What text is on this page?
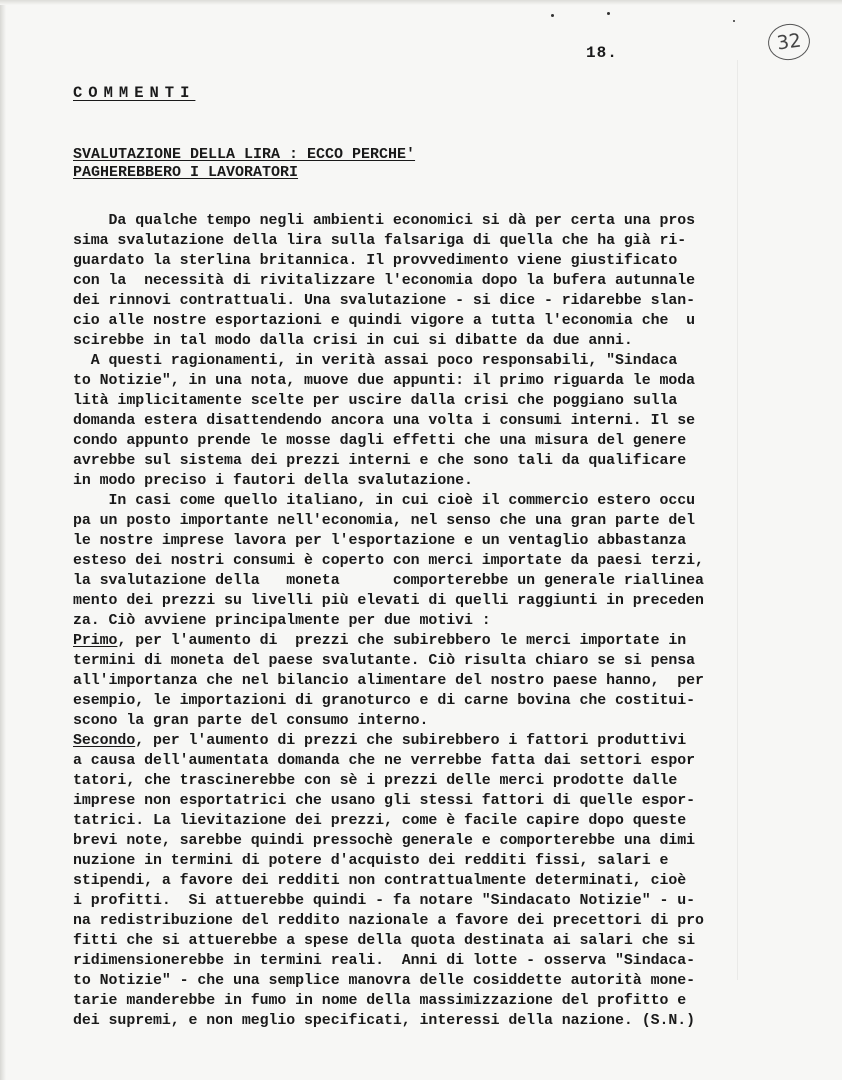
18.	32
COMMENTI
SVALUTAZIONE DELLA LIRA : ECCO PERCHE'
PAGHEREBBERO I LAVORATORI
Da qualche tempo negli ambienti economici si dà per certa una pros
sima svalutazione della lira sulla falsariga di quella che ha già ri-
guardato la sterlina britannica. Il provvedimento viene giustificato
con la  necessità di rivitalizzare l'economia dopo la bufera autunnale
dei rinnovi contrattuali. Una svalutazione - si dice - ridarebbe slan-
cio alle nostre esportazioni e quindi vigore a tutta l'economia che  u
scirebbe in tal modo dalla crisi in cui si dibatte da due anni.
A questi ragionamenti, in verità assai poco responsabili, "Sindaca
to Notizie", in una nota, muove due appunti: il primo riguarda le moda
lità implicitamente scelte per uscire dalla crisi che poggiano sulla
domanda estera disattendendo ancora una volta i consumi interni. Il se
condo appunto prende le mosse dagli effetti che una misura del genere
avrebbe sul sistema dei prezzi interni e che sono tali da qualificare
in modo preciso i fautori della svalutazione.
In casi come quello italiano, in cui cioè il commercio estero occu
pa un posto importante nell'economia, nel senso che una gran parte del
le nostre imprese lavora per l'esportazione e un ventaglio abbastanza
esteso dei nostri consumi è coperto con merci importate da paesi terzi,
la svalutazione della   moneta      comporterebbe un generale riallinea
mento dei prezzi su livelli più elevati di quelli raggiunti in preceden
za. Ciò avviene principalmente per due motivi :
Primo, per l'aumento di  prezzi che subirebbero le merci importate in
termini di moneta del paese svalutante. Ciò risulta chiaro se si pensa
all'importanza che nel bilancio alimentare del nostro paese hanno,  per
esempio, le importazioni di granoturco e di carne bovina che costitui-
scono la gran parte del consumo interno.
Secondo, per l'aumento di prezzi che subirebbero i fattori produttivi
a causa dell'aumentata domanda che ne verrebbe fatta dai settori espor
tatori, che trascinerebbe con sè i prezzi delle merci prodotte dalle
imprese non esportatrici che usano gli stessi fattori di quelle espor-
tatrici. La lievitazione dei prezzi, come è facile capire dopo queste
brevi note, sarebbe quindi pressochè generale e comporterebbe una dimi
nuzione in termini di potere d'acquisto dei redditi fissi, salari e
stipendi, a favore dei redditi non contrattualmente determinati, cioè
i profitti.  Si attuerebbe quindi - fa notare "Sindacato Notizie" - u-
na redistribuzione del reddito nazionale a favore dei precettori di pro
fitti che si attuerebbe a spese della quota destinata ai salari che si
ridimensionerebbe in termini reali.  Anni di lotte - osserva "Sindaca-
to Notizie" - che una semplice manovra delle cosiddette autorità mone-
tarie manderebbe in fumo in nome della massimizzazione del profitto e
dei supremi, e non meglio specificati, interessi della nazione. (S.N.)
